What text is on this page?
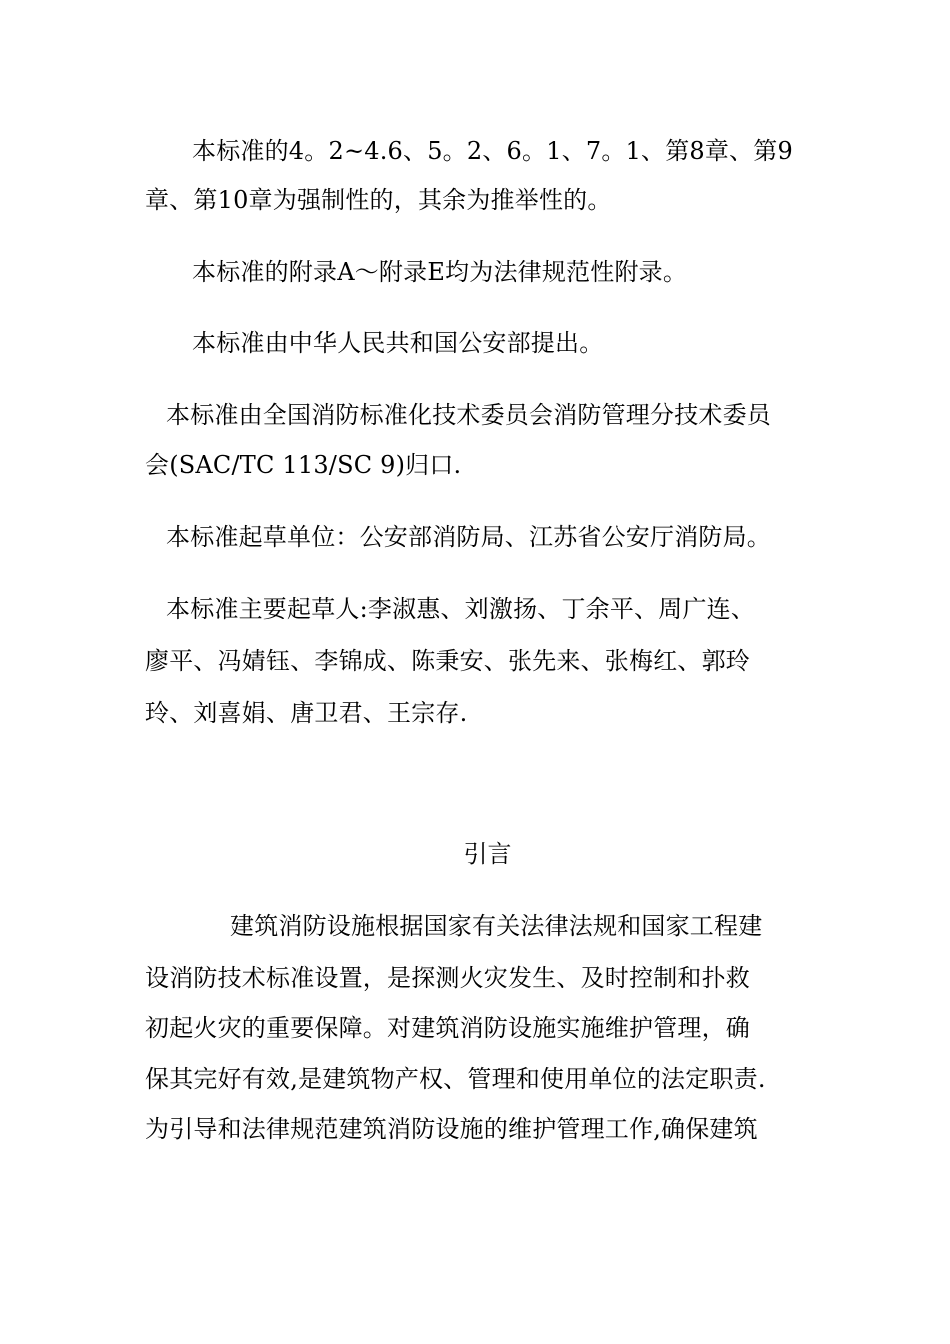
本标准的4。2~4.6、5。2、6。1、7。1、第8章、第9
章、第10章为强制性的，其余为推举性的。
本标准的附录A～附录E均为法律规范性附录。
本标准由中华人民共和国公安部提出。
本标准由全国消防标准化技术委员会消防管理分技术委员
会(SAC/TC 113/SC 9)归口.
本标准起草单位：公安部消防局、江苏省公安厅消防局。
本标准主要起草人:李淑惠、刘激扬、丁余平、周广连、
廖平、冯婧钰、李锦成、陈秉安、张先来、张梅红、郭玲
玲、刘喜娟、唐卫君、王宗存.
引言
建筑消防设施根据国家有关法律法规和国家工程建
设消防技术标准设置，是探测火灾发生、及时控制和扑救
初起火灾的重要保障。对建筑消防设施实施维护管理，确
保其完好有效,是建筑物产权、管理和使用单位的法定职责.
为引导和法律规范建筑消防设施的维护管理工作,确保建筑
